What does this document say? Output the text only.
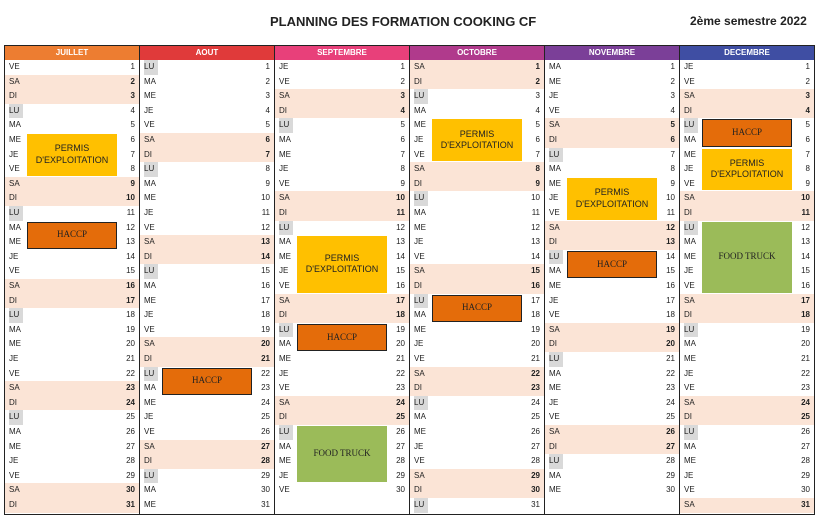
PLANNING DES FORMATION COOKING CF	2ème semestre 2022
JUILLET
VE	1
SA	2
DI	3
LU	4
MA	5
ME	6
JE	7
VE	8
SA	9
DI	10
LU	11
MA	12
ME	13
JE	14
VE	15
SA	16
DI	17
LU	18
MA	19
ME	20
JE	21
VE	22
SA	23
DI	24
LU	25
MA	26
ME	27
JE	28
VE	29
SA	30
DI	31
PERMIS D'EXPLOITATION
HACCP
AOUT
LU	1
MA	2
ME	3
JE	4
VE	5
SA	6
DI	7
LU	8
MA	9
ME	10
JE	11
VE	12
SA	13
DI	14
LU	15
MA	16
ME	17
JE	18
VE	19
SA	20
DI	21
LU	22
MA	23
ME	24
JE	25
VE	26
SA	27
DI	28
LU	29
MA	30
ME	31
HACCP
SEPTEMBRE
JE	1
VE	2
SA	3
DI	4
LU	5
MA	6
ME	7
JE	8
VE	9
SA	10
DI	11
LU	12
MA	13
ME	14
JE	15
VE	16
SA	17
DI	18
LU	19
MA	20
ME	21
JE	22
VE	23
SA	24
DI	25
LU	26
MA	27
ME	28
JE	29
VE	30
PERMIS D'EXPLOITATION
HACCP
FOOD TRUCK
OCTOBRE
SA	1
DI	2
LU	3
MA	4
ME	5
JE	6
VE	7
SA	8
DI	9
LU	10
MA	11
ME	12
JE	13
VE	14
SA	15
DI	16
LU	17
MA	18
ME	19
JE	20
VE	21
SA	22
DI	23
LU	24
MA	25
ME	26
JE	27
VE	28
SA	29
DI	30
LU	31
PERMIS D'EXPLOITATION
HACCP
NOVEMBRE
MA	1
ME	2
JE	3
VE	4
SA	5
DI	6
LU	7
MA	8
ME	9
JE	10
VE	11
SA	12
DI	13
LU	14
MA	15
ME	16
JE	17
VE	18
SA	19
DI	20
LU	21
MA	22
ME	23
JE	24
VE	25
SA	26
DI	27
LU	28
MA	29
ME	30
PERMIS D'EXPLOITATION
HACCP
DECEMBRE
JE	1
VE	2
SA	3
DI	4
LU	5
MA	6
ME	7
JE	8
VE	9
SA	10
DI	11
LU	12
MA	13
ME	14
JE	15
VE	16
SA	17
DI	18
LU	19
MA	20
ME	21
JE	22
VE	23
SA	24
DI	25
LU	26
MA	27
ME	28
JE	29
VE	30
SA	31
HACCP
PERMIS D'EXPLOITATION
FOOD TRUCK
